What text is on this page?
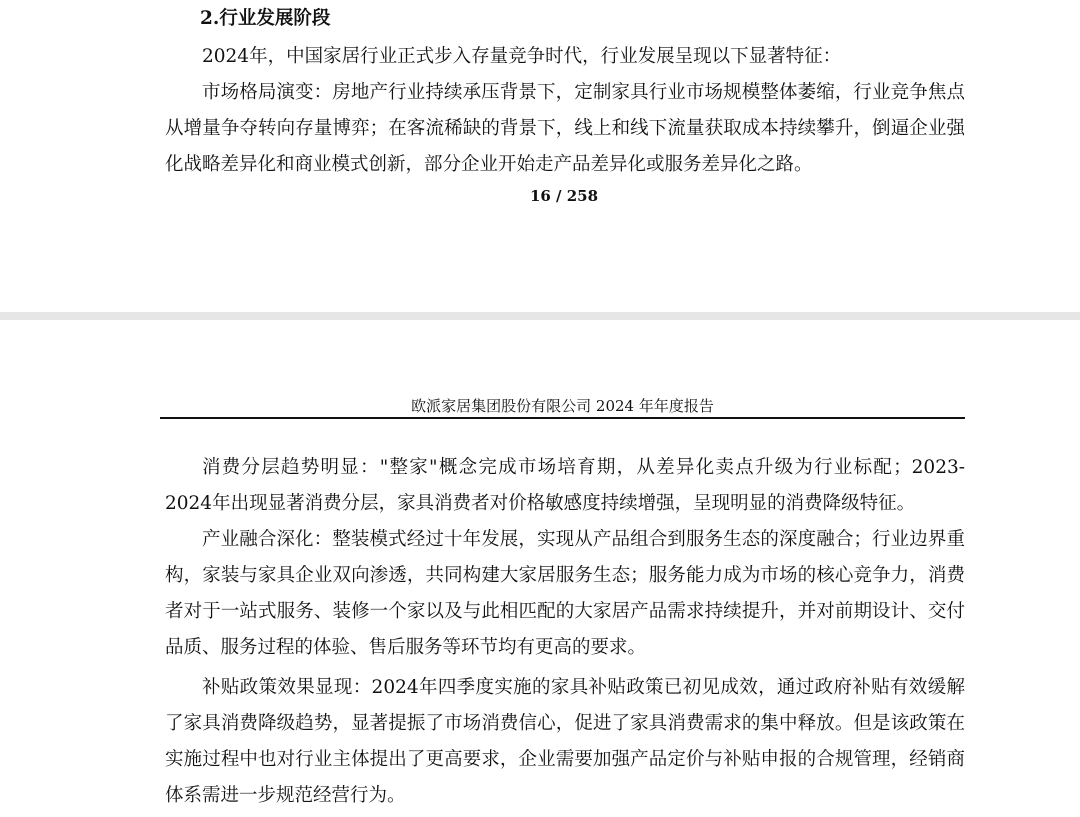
2.行业发展阶段

2024年，中国家居行业正式步入存量竞争时代，行业发展呈现以下显著特征：

市场格局演变：房地产行业持续承压背景下，定制家具行业市场规模整体萎缩，行业竞争焦点从增量争夺转向存量博弈；在客流稀缺的背景下，线上和线下流量获取成本持续攀升，倒逼企业强化战略差异化和商业模式创新，部分企业开始走产品差异化或服务差异化之路。

16 / 258

欧派家居集团股份有限公司 2024 年年度报告

消费分层趋势明显："整家"概念完成市场培育期，从差异化卖点升级为行业标配；2023-2024年出现显著消费分层，家具消费者对价格敏感度持续增强，呈现明显的消费降级特征。

产业融合深化：整装模式经过十年发展，实现从产品组合到服务生态的深度融合；行业边界重构，家装与家具企业双向渗透，共同构建大家居服务生态；服务能力成为市场的核心竞争力，消费者对于一站式服务、装修一个家以及与此相匹配的大家居产品需求持续提升，并对前期设计、交付品质、服务过程的体验、售后服务等环节均有更高的要求。

补贴政策效果显现：2024年四季度实施的家具补贴政策已初见成效，通过政府补贴有效缓解了家具消费降级趋势，显著提振了市场消费信心，促进了家具消费需求的集中释放。但是该政策在实施过程中也对行业主体提出了更高要求，企业需要加强产品定价与补贴申报的合规管理，经销商体系需进一步规范经营行为。
